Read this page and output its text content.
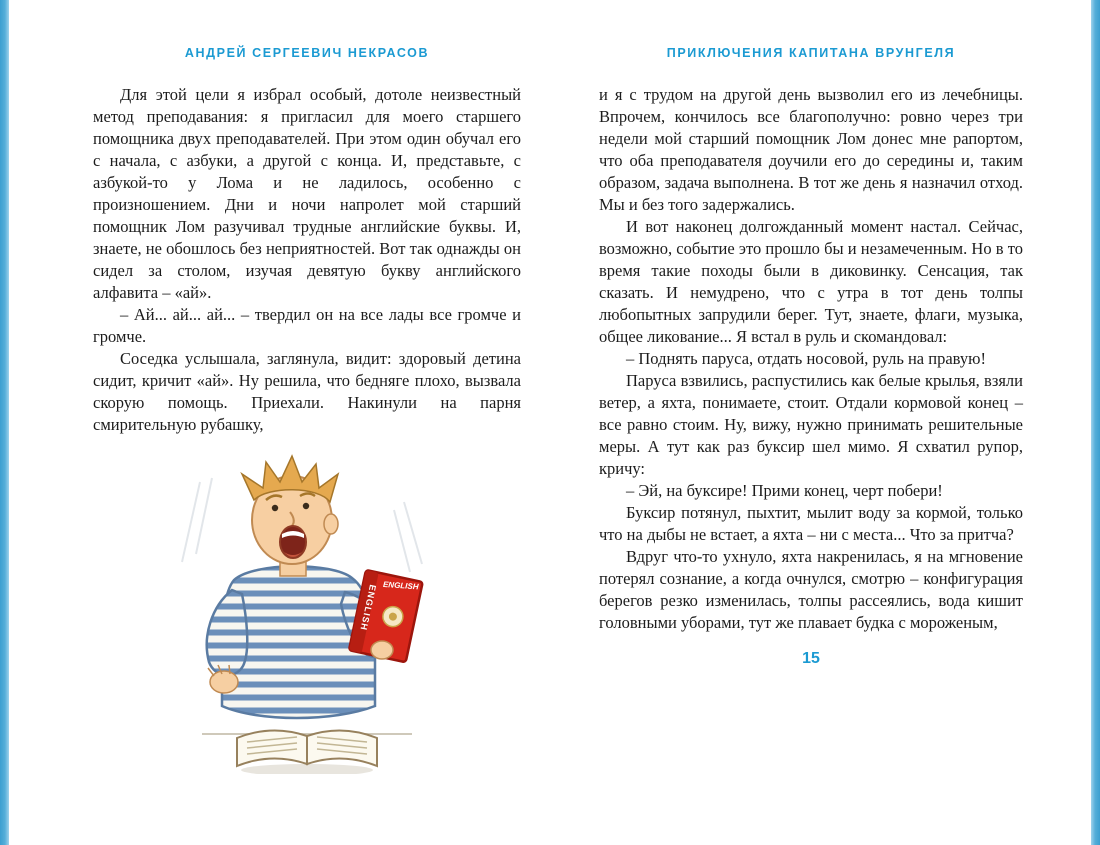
АНДРЕЙ СЕРГЕЕВИЧ НЕКРАСОВ

Для этой цели я избрал особый, дотоле неизвестный метод преподавания: я пригласил для моего старшего помощника двух преподавателей. При этом один обучал его с начала, с азбуки, а другой с конца. И, представьте, с азбукой-то у Лома и не ладилось, особенно с произношением. Дни и ночи напролет мой старший помощник Лом разучивал трудные английские буквы. И, знаете, не обошлось без неприятностей. Вот так однажды он сидел за столом, изучая девятую букву английского алфавита – «ай».

– Ай... ай... ай... – твердил он на все лады все громче и громче.

Соседка услышала, заглянула, видит: здоровый детина сидит, кричит «ай». Ну решила, что бедняге плохо, вызвала скорую помощь. Приехали. Накинули на парня смирительную рубашку,

ENGLISH ENGLISH
ПРИКЛЮЧЕНИЯ КАПИТАНА ВРУНГЕЛЯ

и я с трудом на другой день вызволил его из лечебницы. Впрочем, кончилось все благополучно: ровно через три недели мой старший помощник Лом донес мне рапортом, что оба преподавателя доучили его до середины и, таким образом, задача выполнена. В тот же день я назначил отход. Мы и без того задержались.

И вот наконец долгожданный момент настал. Сейчас, возможно, событие это прошло бы и незамеченным. Но в то время такие походы были в диковинку. Сенсация, так сказать. И немудрено, что с утра в тот день толпы любопытных запрудили берег. Тут, знаете, флаги, музыка, общее ликование... Я встал в руль и скомандовал:

– Поднять паруса, отдать носовой, руль на правую!

Паруса взвились, распустились как белые крылья, взяли ветер, а яхта, понимаете, стоит. Отдали кормовой конец – все равно стоим. Ну, вижу, нужно принимать решительные меры. А тут как раз буксир шел мимо. Я схватил рупор, кричу:

– Эй, на буксире! Прими конец, черт побери!

Буксир потянул, пыхтит, мылит воду за кормой, только что на дыбы не встает, а яхта – ни с места... Что за притча?

Вдруг что-то ухнуло, яхта накренилась, я на мгновение потерял сознание, а когда очнулся, смотрю – конфигурация берегов резко изменилась, толпы рассеялись, вода кишит головными уборами, тут же плавает будка с мороженым,

15
